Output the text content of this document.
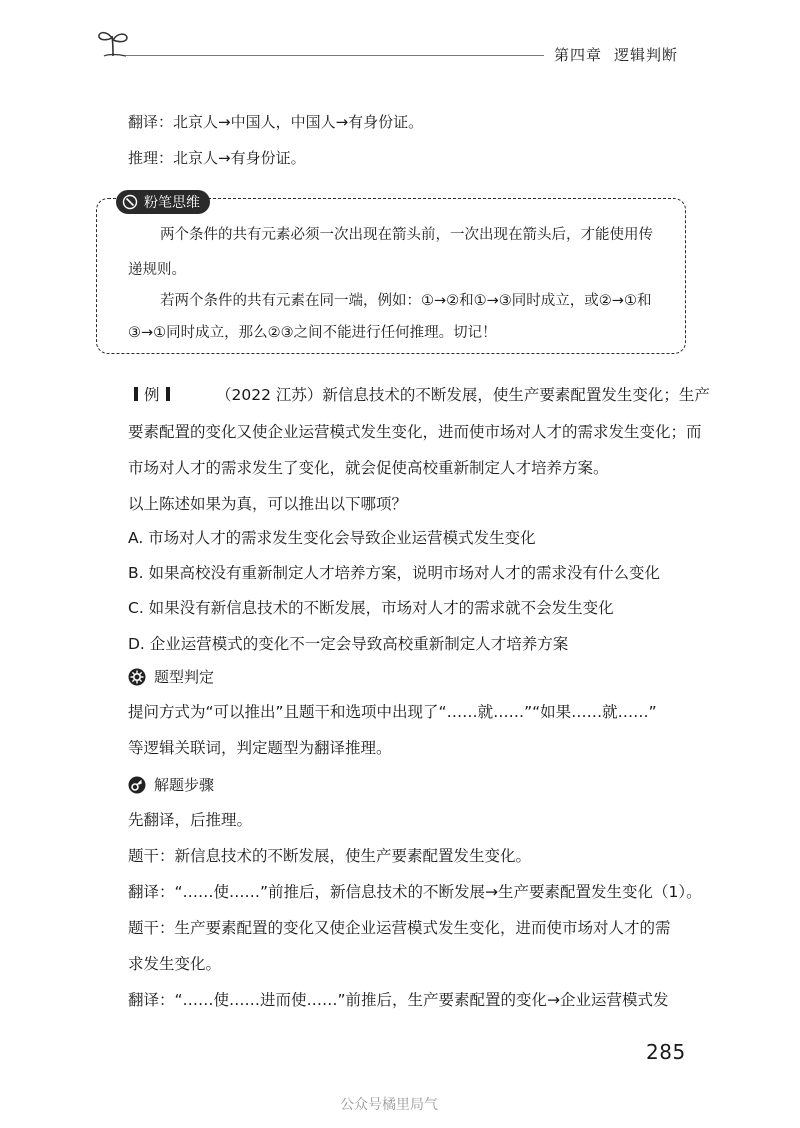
第四章 逻辑判断
翻译：北京人→中国人，中国人→有身份证。
推理：北京人→有身份证。
粉笔思维
两个条件的共有元素必须一次出现在箭头前，一次出现在箭头后，才能使用传
递规则。
若两个条件的共有元素在同一端，例如：①→②和①→③同时成立，或②→①和
③→①同时成立，那么②③之间不能进行任何推理。切记！
例	（2022 江苏）新信息技术的不断发展，使生产要素配置发生变化；生产
要素配置的变化又使企业运营模式发生变化，进而使市场对人才的需求发生变化；而
市场对人才的需求发生了变化，就会促使高校重新制定人才培养方案。
以上陈述如果为真，可以推出以下哪项？
A. 市场对人才的需求发生变化会导致企业运营模式发生变化
B. 如果高校没有重新制定人才培养方案，说明市场对人才的需求没有什么变化
C. 如果没有新信息技术的不断发展，市场对人才的需求就不会发生变化
D. 企业运营模式的变化不一定会导致高校重新制定人才培养方案
题型判定
提问方式为“可以推出”且题干和选项中出现了“……就……”“如果……就……”
等逻辑关联词，判定题型为翻译推理。
解题步骤
先翻译，后推理。
题干：新信息技术的不断发展，使生产要素配置发生变化。
翻译：“……使……”前推后，新信息技术的不断发展→生产要素配置发生变化（1）。
题干：生产要素配置的变化又使企业运营模式发生变化，进而使市场对人才的需
求发生变化。
翻译：“……使……进而使……”前推后，生产要素配置的变化→企业运营模式发
285
公众号橘里局气
